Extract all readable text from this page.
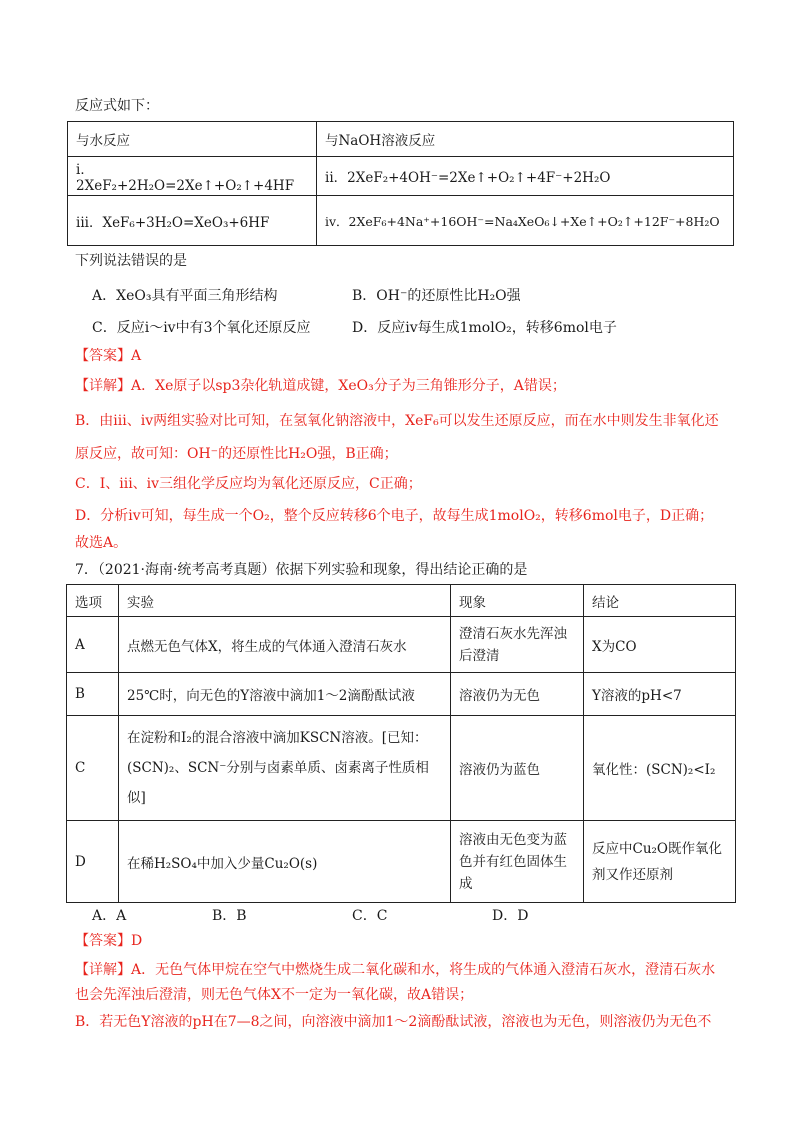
反应式如下：
与水反应	与NaOH溶液反应
i．2XeF₂+2H₂O=2Xe↑+O₂↑+4HF	ii．2XeF₂+4OH⁻=2Xe↑+O₂↑+4F⁻+2H₂O
iii．XeF₆+3H₂O=XeO₃+6HF	iv．2XeF₆+4Na⁺+16OH⁻=Na₄XeO₆↓+Xe↑+O₂↑+12F⁻+8H₂O
下列说法错误的是
A．XeO₃具有平面三角形结构	B．OH⁻的还原性比H₂O强
C．反应i～iv中有3个氧化还原反应	D．反应iv每生成1molO₂，转移6mol电子
【答案】A
【详解】A．Xe原子以sp3杂化轨道成键，XeO₃分子为三角锥形分子，A错误；
B．由iii、iv两组实验对比可知，在氢氧化钠溶液中，XeF₆可以发生还原反应，而在水中则发生非氧化还
原反应，故可知：OH⁻的还原性比H₂O强，B正确；
C．I、iii、iv三组化学反应均为氧化还原反应，C正确；
D．分析iv可知，每生成一个O₂，整个反应转移6个电子，故每生成1molO₂，转移6mol电子，D正确；
故选A。
7．（2021·海南·统考高考真题）依据下列实验和现象，得出结论正确的是
选项	实验	现象	结论
A	点燃无色气体X，将生成的气体通入澄清石灰水	澄清石灰水先浑浊后澄清	X为CO
B	25℃时，向无色的Y溶液中滴加1～2滴酚酞试液	溶液仍为无色	Y溶液的pH<7
C	在淀粉和I₂的混合溶液中滴加KSCN溶液。[已知：(SCN)₂、SCN⁻分别与卤素单质、卤素离子性质相似]	溶液仍为蓝色	氧化性：(SCN)₂<I₂
D	在稀H₂SO₄中加入少量Cu₂O(s)	溶液由无色变为蓝色并有红色固体生成	反应中Cu₂O既作氧化剂又作还原剂
A．A	B．B	C．C	D．D
【答案】D
【详解】A．无色气体甲烷在空气中燃烧生成二氧化碳和水，将生成的气体通入澄清石灰水，澄清石灰水
也会先浑浊后澄清，则无色气体X不一定为一氧化碳，故A错误；
B．若无色Y溶液的pH在7—8之间，向溶液中滴加1～2滴酚酞试液，溶液也为无色，则溶液仍为无色不
